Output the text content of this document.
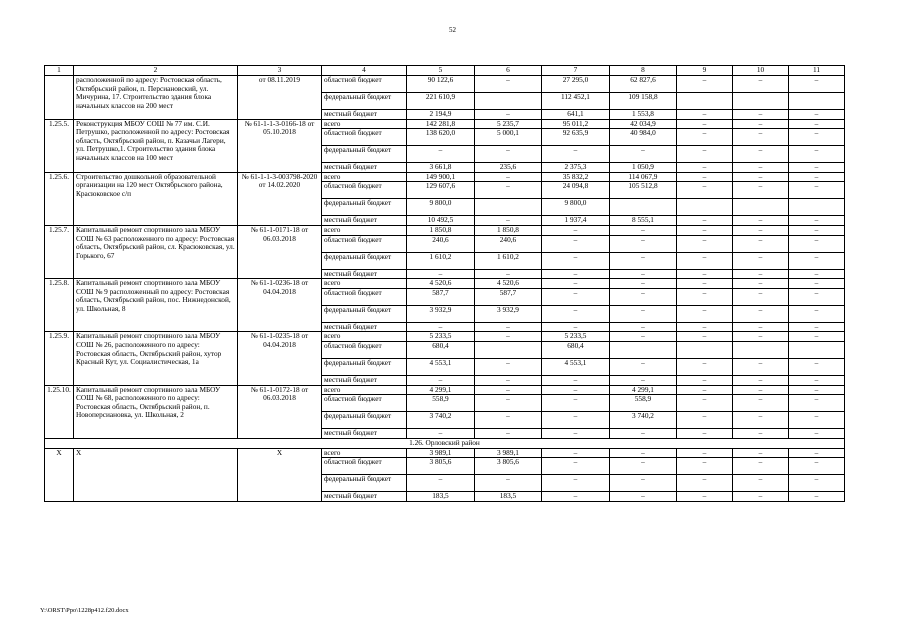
52
1	2	3	4	5	6	7	8	9	10	11
	расположенной по адресу: Ростовская область, Октябрьский район, п. Персиановский, ул. Мичурина, 17. Строительство здания блока начальных классов на 200 мест	от 08.11.2019	областной бюджет	90 122,6	–	27 295,0	62 827,6	–	–	–
			федеральный бюджет	221 610,9		112 452,1	109 158,8			
			местный бюджет	2 194,9	–	641,1	1 553,8	–	–	–
1.25.5.	Реконструкция МБОУ СОШ № 77 им. С.И. Петрушко, расположенной по адресу: Ростовская область, Октябрьский район, п. Казачьи Лагери, ул. Петрушко,1. Строительство здания блока начальных классов на 100 мест	№ 61-1-1-3-0166-18 от 05.10.2018	всего	142 281,8	5 235,7	95 011,2	42 034,9	–	–	–
			областной бюджет	138 620,0	5 000,1	92 635,9	40 984,0	–	–	–
			федеральный бюджет	–	–	–	–	–	–	–
			местный бюджет	3 661,8	235,6	2 375,3	1 050,9	–	–	–
1.25.6.	Строительство дошкольной образовательной организации на 120 мест Октябрьского района, Красюковское с/п	№ 61-1-1-3-003798-2020 от 14.02.2020	всего	149 900,1	–	35 832,2	114 067,9	–	–	–
			областной бюджет	129 607,6	–	24 094,8	105 512,8	–	–	–
			федеральный бюджет	9 800,0		9 800,0				
			местный бюджет	10 492,5	–	1 937,4	8 555,1	–	–	–
1.25.7.	Капитальный ремонт спортивного зала МБОУ СОШ № 63 расположенного по адресу: Ростовская область, Октябрьский район, сл. Красюковская, ул. Горького, 67	№ 61-1-0171-18 от 06.03.2018	всего	1 850,8	1 850,8	–	–	–	–	–
			областной бюджет	240,6	240,6	–	–	–	–	–
			федеральный бюджет	1 610,2	1 610,2	–	–	–	–	–
			местный бюджет	–	–	–	–	–	–	–
1.25.8.	Капитальный ремонт спортивного зала МБОУ СОШ № 9 расположенный по адресу: Ростовская область, Октябрьский район, пос. Нижнедонской, ул. Школьная, 8	№ 61-1-0236-18 от 04.04.2018	всего	4 520,6	4 520,6	–	–	–	–	–
			областной бюджет	587,7	587,7	–	–	–	–	–
			федеральный бюджет	3 932,9	3 932,9	–	–	–	–	–
			местный бюджет	–	–	–	–	–	–	–
1.25.9.	Капитальный ремонт спортивного зала МБОУ СОШ № 26, расположенного по адресу: Ростовская область, Октябрьский район, хутор Красный Кут, ул. Социалистическая, 1а	№ 61-1-0235-18 от 04.04.2018	всего	5 233,5	–	5 233,5	–	–	–	–
			областной бюджет	680,4		680,4				
			федеральный бюджет	4 553,1	–	4 553,1	–	–	–	–
			местный бюджет	–	–	–	–	–	–	–
1.25.10.	Капитальный ремонт спортивного зала МБОУ СОШ № 68, расположенного по адресу: Ростовская область, Октябрьский район, п. Новоперсиановка, ул. Школьная, 2	№ 61-1-0172-18 от 06.03.2018	всего	4 299,1	–	–	4 299,1	–	–	–
			областной бюджет	558,9	–	–	558,9	–	–	–
			федеральный бюджет	3 740,2	–	–	3 740,2	–	–	–
			местный бюджет	–	–	–	–	–	–	–
1.26. Орловский район										
Х	Х	Х	всего	3 989,1	3 989,1	–	–	–	–	–
			областной бюджет	3 805,6	3 805,6	–	–	–	–	–
			федеральный бюджет	–	–	–	–	–	–	–
			местный бюджет	183,5	183,5	–	–	–	–	–
Y:\ORST\Ppo\1228p412.f20.docx
